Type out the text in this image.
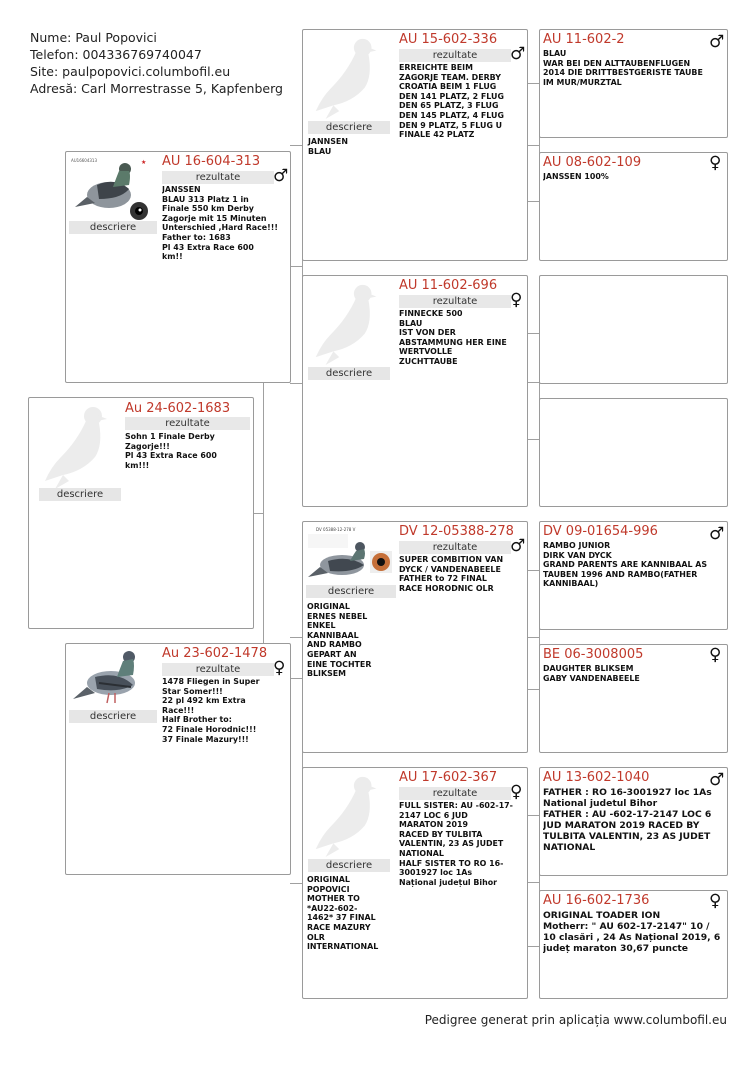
Nume: Paul Popovici
Telefon: 004336769740047
Site: paulpopovici.columbofil.eu
Adresă: Carl Morrestrasse 5, Kapfenberg
descriere
Au 24-602-1683
rezultate
Sohn 1 Finale Derby
Zagorje!!!
Pl 43 Extra Race 600
km!!!
AU16604313	★
descriere
AU 16-604-313
rezultate	♂
JANSSEN
BLAU 313 Platz 1 in
Finale 550 km Derby
Zagorje mit 15 Minuten
Unterschied ,Hard Race!!!
Father to: 1683
Pl 43 Extra Race 600
km!!
descriere
Au 23-602-1478
rezultate	♀
1478 Fliegen in Super
Star Somer!!!
22 pl 492 km Extra
Race!!!
Half Brother to:
72 Finale Horodnic!!!
37 Finale Mazury!!!
descriere
JANNSEN
BLAU
AU 15-602-336
rezultate	♂
ERREICHTE BEIM
ZAGORJE TEAM. DERBY
CROATIA BEIM 1 FLUG
DEN 141 PLATZ, 2 FLUG
DEN 65 PLATZ, 3 FLUG
DEN 145 PLATZ, 4 FLUG
DEN 9 PLATZ, 5 FLUG U
FINALE 42 PLATZ
descriere
AU 11-602-696
rezultate	♀
FINNECKE 500
BLAU
IST VON DER
ABSTAMMUNG HER EINE
WERTVOLLE
ZUCHTTAUBE
DV 05388-12-278 V
descriere
ORIGINAL
ERNES NEBEL
ENKEL
KANNIBAAL
AND RAMBO
GEPART AN
EINE TOCHTER
BLIKSEM
DV 12-05388-278
rezultate	♂
SUPER COMBITION VAN
DYCK / VANDENABEELE
FATHER to 72 FINAL
RACE HORODNIC OLR
descriere
ORIGINAL
POPOVICI
MOTHER TO
*AU22-602-
1462* 37 FINAL
RACE MAZURY
OLR
INTERNATIONAL
AU 17-602-367
rezultate	♀
FULL SISTER: AU -602-17-
2147 LOC 6 JUD
MARATON 2019
RACED BY TULBITA
VALENTIN, 23 AS JUDET
NATIONAL
HALF SISTER TO RO 16-
3001927 loc 1As
Național județul Bihor
AU 11-602-2	♂
BLAU
WAR BEI DEN ALTTAUBENFLUGEN
2014 DIE DRITTBESTGERISTE TAUBE
IM MUR/MURZTAL
AU 08-602-109	♀
JANSSEN 100%
DV 09-01654-996	♂
RAMBO JUNIOR
DIRK VAN DYCK
GRAND PARENTS ARE KANNIBAAL AS
TAUBEN 1996 AND RAMBO(FATHER
KANNIBAAL)
BE 06-3008005	♀
DAUGHTER BLIKSEM
GABY VANDENABEELE
AU 13-602-1040	♂
FATHER : RO 16-3001927 loc 1As
National judetul Bihor
FATHER : AU -602-17-2147 LOC 6
JUD MARATON 2019 RACED BY
TULBITA VALENTIN, 23 AS JUDET
NATIONAL
AU 16-602-1736	♀
ORIGINAL TOADER ION
Motherr: " AU 602-17-2147" 10 /
10 clasări , 24 As Național 2019, 6
județ maraton 30,67 puncte
Pedigree generat prin aplicația www.columbofil.eu
